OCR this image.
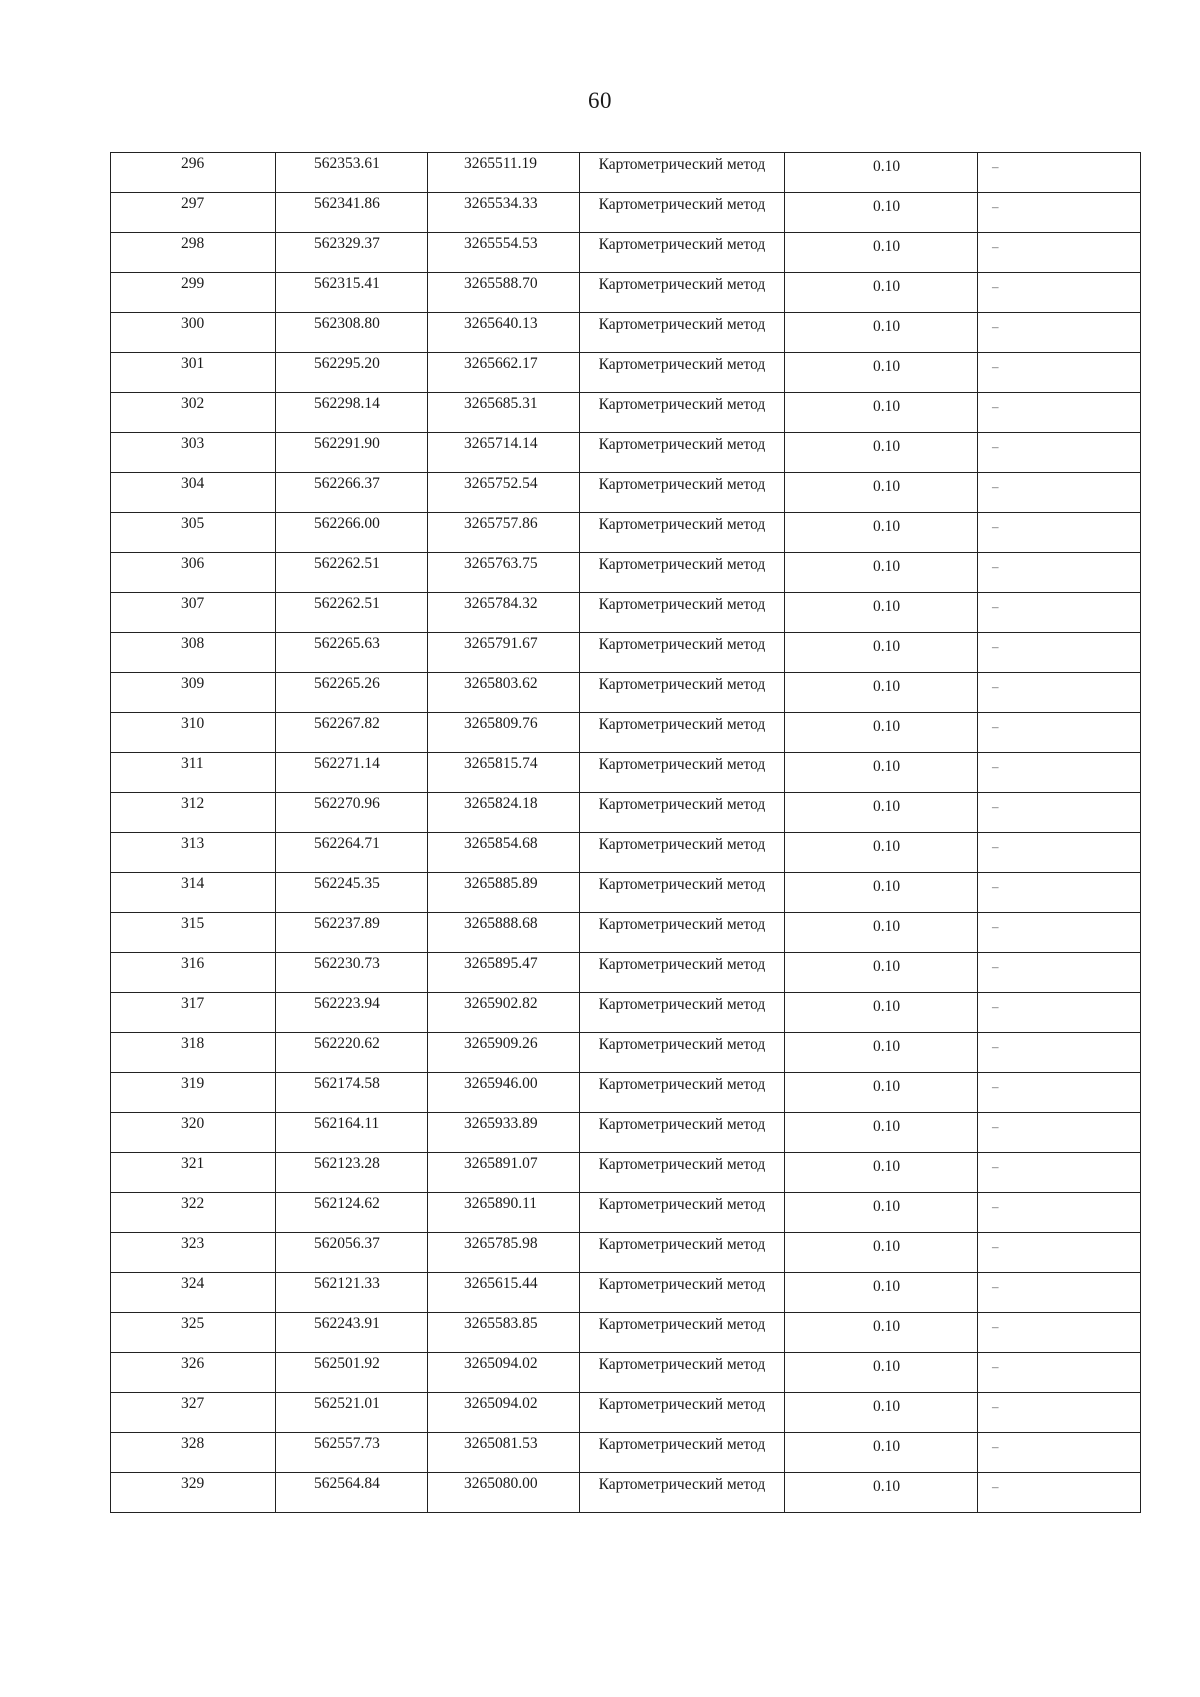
60
296	562353.61	3265511.19	Картометрический метод	0.10	–

297	562341.86	3265534.33	Картометрический метод	0.10	–

298	562329.37	3265554.53	Картометрический метод	0.10	–

299	562315.41	3265588.70	Картометрический метод	0.10	–

300	562308.80	3265640.13	Картометрический метод	0.10	–

301	562295.20	3265662.17	Картометрический метод	0.10	–

302	562298.14	3265685.31	Картометрический метод	0.10	–

303	562291.90	3265714.14	Картометрический метод	0.10	–

304	562266.37	3265752.54	Картометрический метод	0.10	–

305	562266.00	3265757.86	Картометрический метод	0.10	–

306	562262.51	3265763.75	Картометрический метод	0.10	–

307	562262.51	3265784.32	Картометрический метод	0.10	–

308	562265.63	3265791.67	Картометрический метод	0.10	–

309	562265.26	3265803.62	Картометрический метод	0.10	–

310	562267.82	3265809.76	Картометрический метод	0.10	–

311	562271.14	3265815.74	Картометрический метод	0.10	–

312	562270.96	3265824.18	Картометрический метод	0.10	–

313	562264.71	3265854.68	Картометрический метод	0.10	–

314	562245.35	3265885.89	Картометрический метод	0.10	–

315	562237.89	3265888.68	Картометрический метод	0.10	–

316	562230.73	3265895.47	Картометрический метод	0.10	–

317	562223.94	3265902.82	Картометрический метод	0.10	–

318	562220.62	3265909.26	Картометрический метод	0.10	–

319	562174.58	3265946.00	Картометрический метод	0.10	–

320	562164.11	3265933.89	Картометрический метод	0.10	–

321	562123.28	3265891.07	Картометрический метод	0.10	–

322	562124.62	3265890.11	Картометрический метод	0.10	–

323	562056.37	3265785.98	Картометрический метод	0.10	–

324	562121.33	3265615.44	Картометрический метод	0.10	–

325	562243.91	3265583.85	Картометрический метод	0.10	–

326	562501.92	3265094.02	Картометрический метод	0.10	–

327	562521.01	3265094.02	Картометрический метод	0.10	–

328	562557.73	3265081.53	Картометрический метод	0.10	–

329	562564.84	3265080.00	Картометрический метод	0.10	–
